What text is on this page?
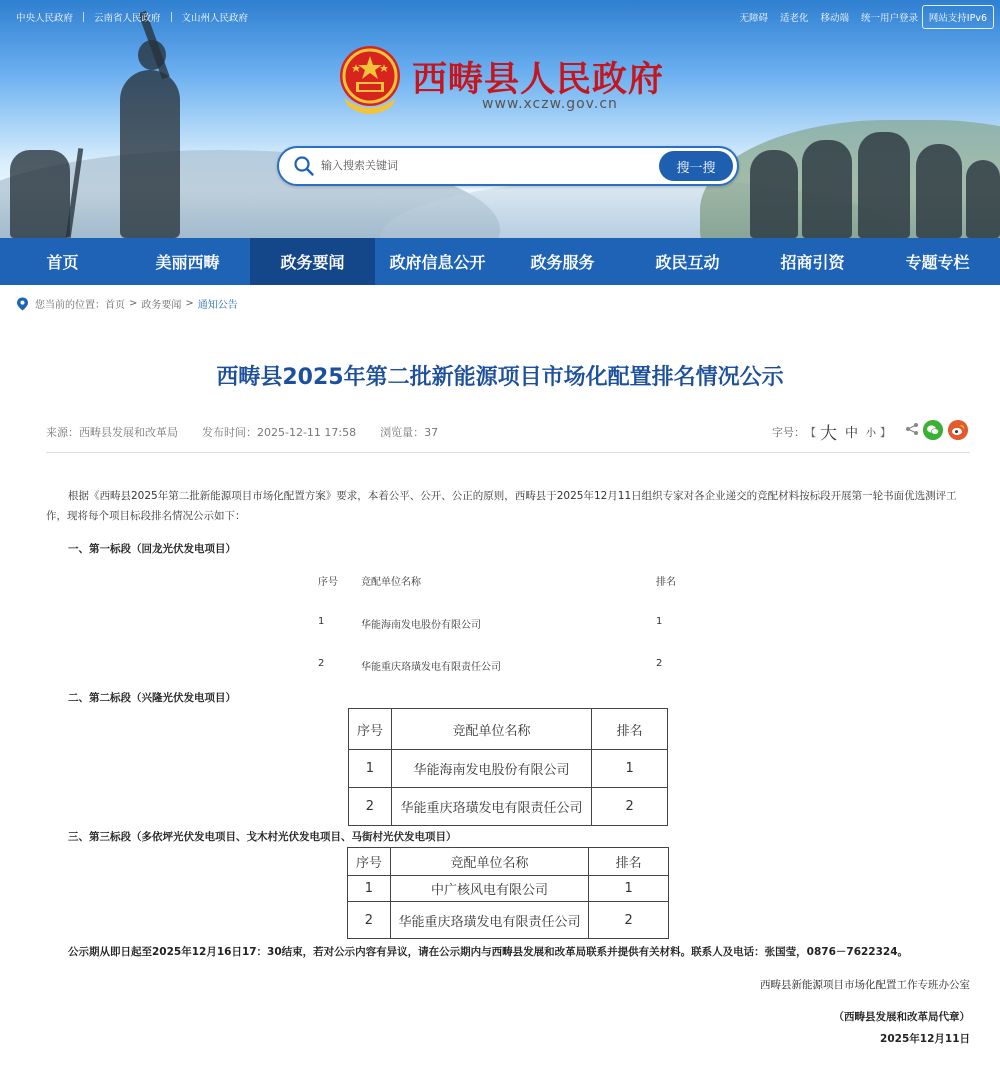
中央人民政府 云南省人民政府 文山州人民政府	无障碍 适老化 移动端 统一用户登录	网站支持IPv6
西畴县人民政府
www.xczw.gov.cn
输入搜索关键词
搜一搜
首页	美丽西畴	政务要闻	政府信息公开	政务服务	政民互动	招商引资	专题专栏
您当前的位置： 首页 > 政务要闻 > 通知公告
西畴县2025年第二批新能源项目市场化配置排名情况公示
来源：西畴县发展和改革局 发布时间：2025-12-11 17:58 浏览量：37	字号： 【 大 中 小 】
根据《西畴县2025年第二批新能源项目市场化配置方案》要求，本着公平、公开、公正的原则，西畴县于2025年12月11日组织专家对各企业递交的竞配材料按标段开展第一轮书面优选测评工作，现将每个项目标段排名情况公示如下：
一、第一标段（回龙光伏发电项目）
序号 竞配单位名称	排名
1	华能海南发电股份有限公司	1
2	华能重庆珞璜发电有限责任公司	2
二、第二标段（兴隆光伏发电项目）
序号	竞配单位名称	排名
1	华能海南发电股份有限公司	1
2	华能重庆珞璜发电有限责任公司	2
三、第三标段（多依坪光伏发电项目、戈木村光伏发电项目、马街村光伏发电项目）
序号	竞配单位名称	排名
1	中广核风电有限公司	1
2	华能重庆珞璜发电有限责任公司	2
公示期从即日起至2025年12月16日17：30结束，若对公示内容有异议，请在公示期内与西畴县发展和改革局联系并提供有关材料。联系人及电话：张国莹，0876－7622324。
西畴县新能源项目市场化配置工作专班办公室
（西畴县发展和改革局代章）
2025年12月11日
